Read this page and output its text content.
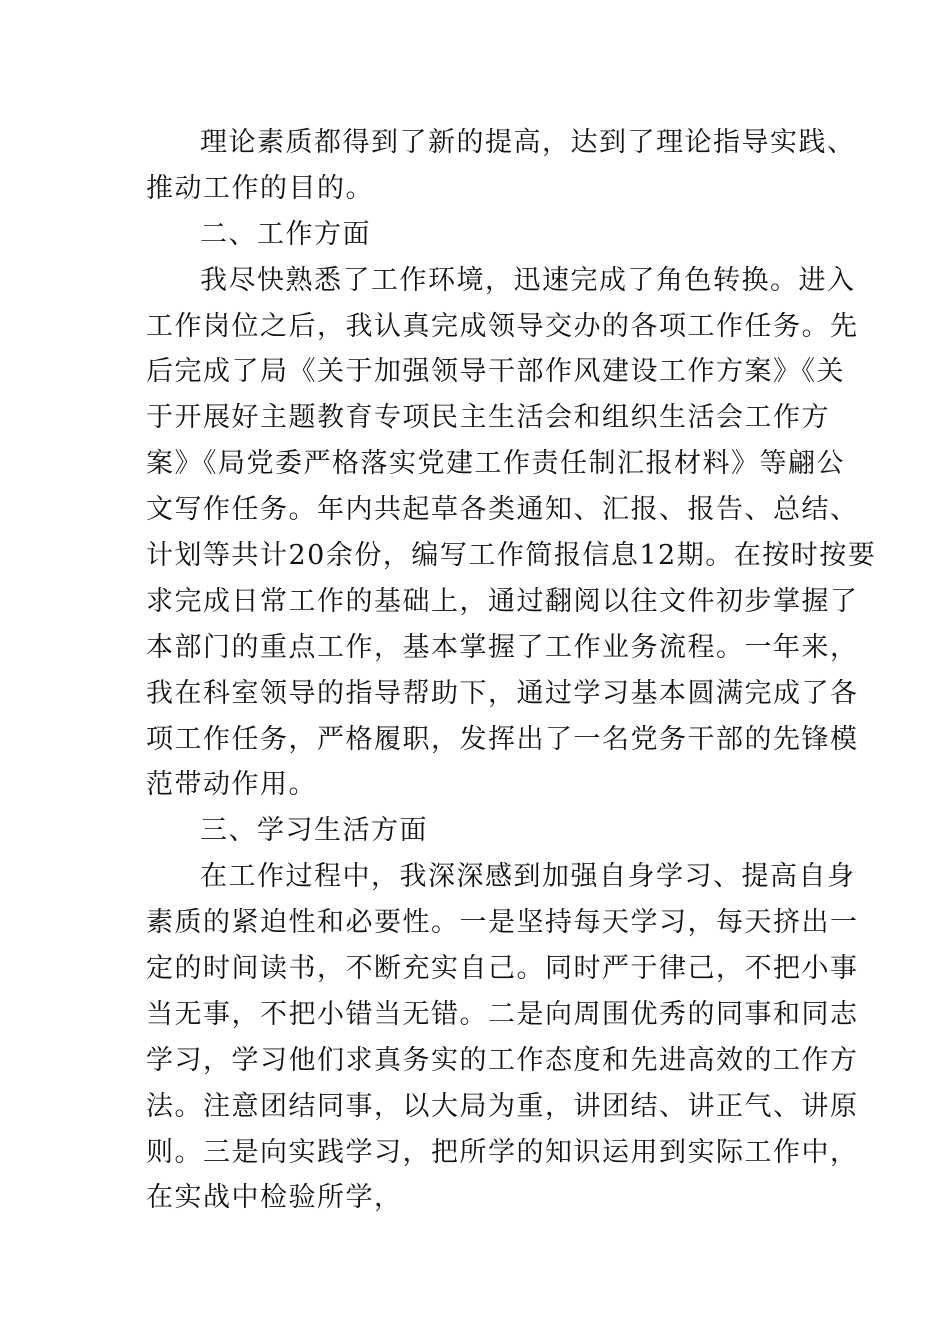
理论素质都得到了新的提高，达到了理论指导实践、
推动工作的目的。
二、工作方面
我尽快熟悉了工作环境，迅速完成了角色转换。进入
工作岗位之后，我认真完成领导交办的各项工作任务。先
后完成了局《关于加强领导干部作风建设工作方案》《关
于开展好主题教育专项民主生活会和组织生活会工作方
案》《局党委严格落实党建工作责任制汇报材料》等翩公
文写作任务。年内共起草各类通知、汇报、报告、总结、
计划等共计20余份，编写工作简报信息12期。在按时按要
求完成日常工作的基础上，通过翻阅以往文件初步掌握了
本部门的重点工作，基本掌握了工作业务流程。一年来，
我在科室领导的指导帮助下，通过学习基本圆满完成了各
项工作任务，严格履职，发挥出了一名党务干部的先锋模
范带动作用。
三、学习生活方面
在工作过程中，我深深感到加强自身学习、提高自身
素质的紧迫性和必要性。一是坚持每天学习，每天挤出一
定的时间读书，不断充实自己。同时严于律己，不把小事
当无事，不把小错当无错。二是向周围优秀的同事和同志
学习，学习他们求真务实的工作态度和先进高效的工作方
法。注意团结同事，以大局为重，讲团结、讲正气、讲原
则。三是向实践学习，把所学的知识运用到实际工作中，
在实战中检验所学，
